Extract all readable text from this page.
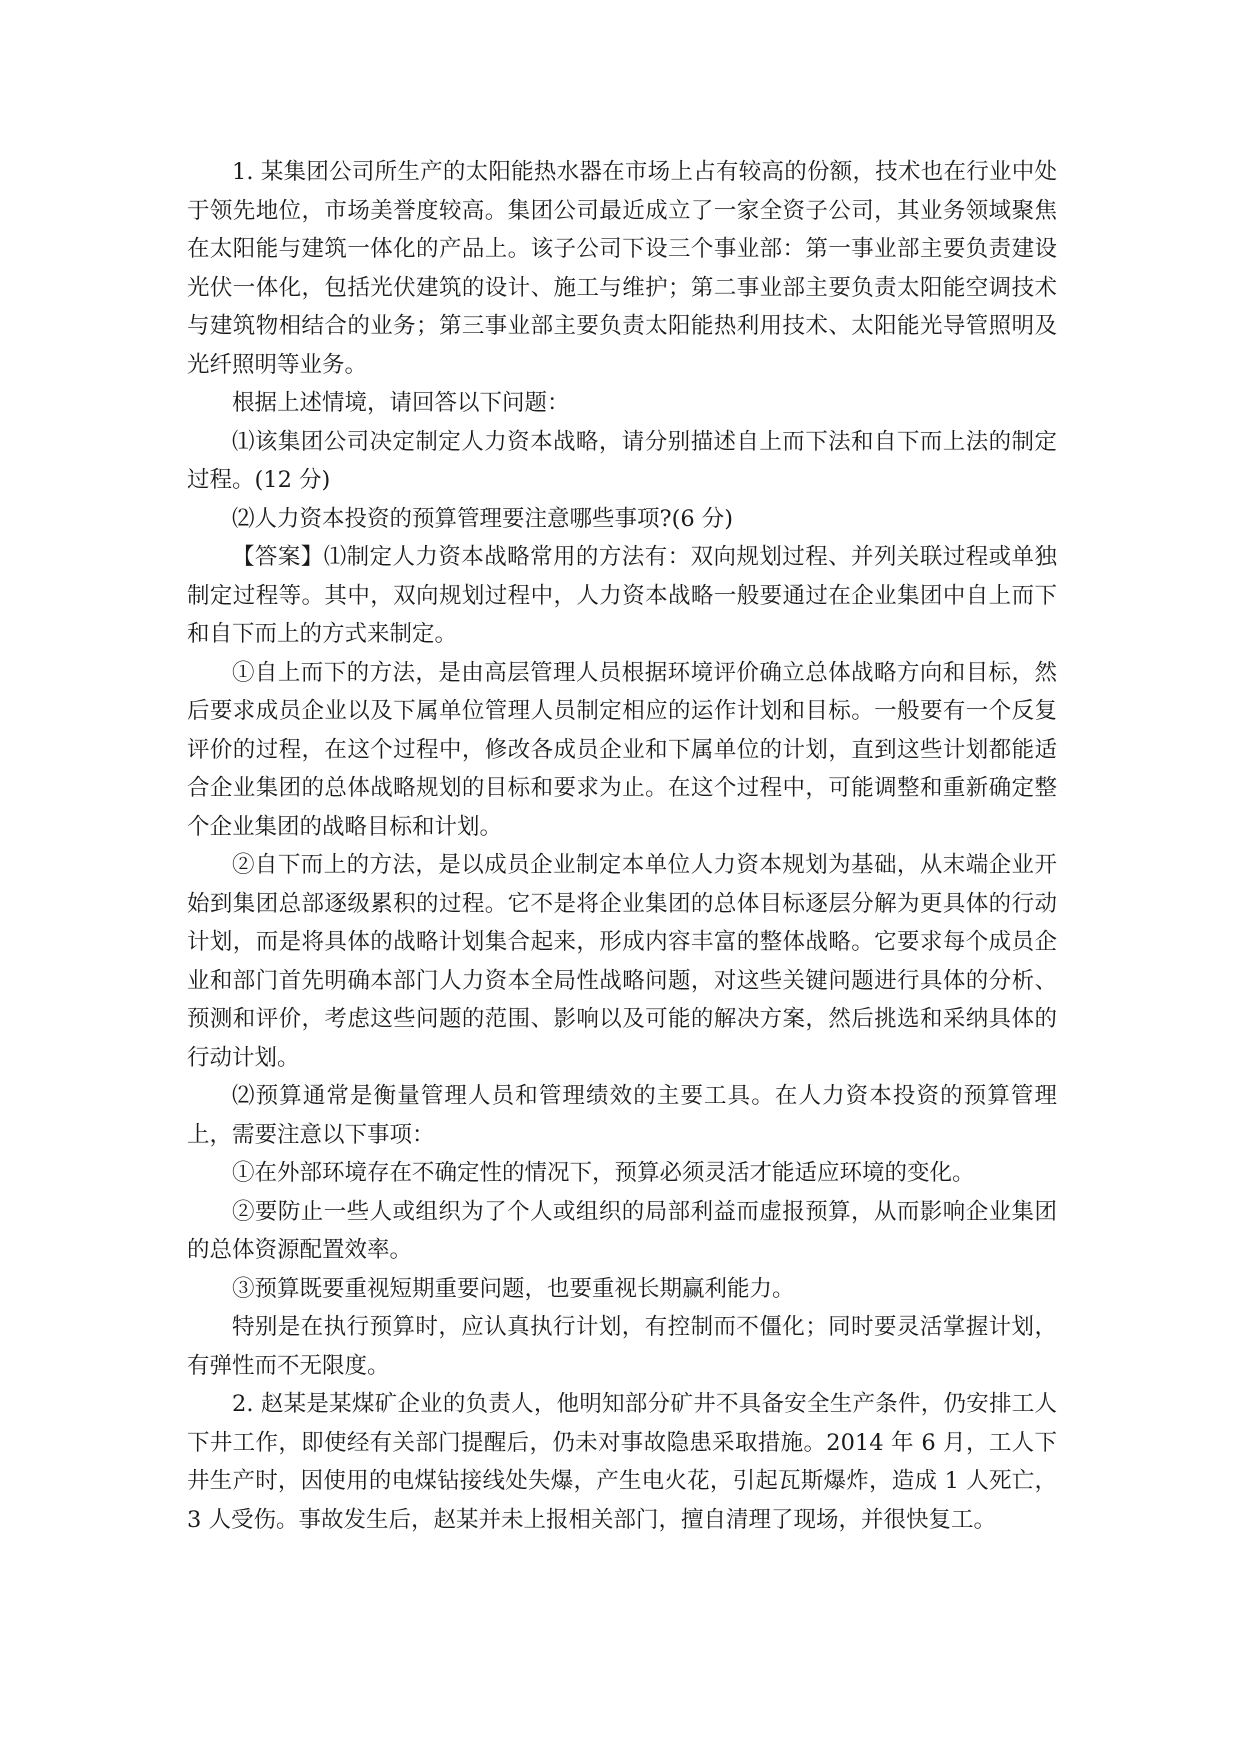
1. 某集团公司所生产的太阳能热水器在市场上占有较高的份额，技术也在行业中处于领先地位，市场美誉度较高。集团公司最近成立了一家全资子公司，其业务领域聚焦在太阳能与建筑一体化的产品上。该子公司下设三个事业部：第一事业部主要负责建设光伏一体化，包括光伏建筑的设计、施工与维护；第二事业部主要负责太阳能空调技术与建筑物相结合的业务；第三事业部主要负责太阳能热利用技术、太阳能光导管照明及光纤照明等业务。

根据上述情境，请回答以下问题：

⑴该集团公司决定制定人力资本战略，请分别描述自上而下法和自下而上法的制定过程。(12 分)

⑵人力资本投资的预算管理要注意哪些事项?(6 分)

【答案】⑴制定人力资本战略常用的方法有：双向规划过程、并列关联过程或单独制定过程等。其中，双向规划过程中，人力资本战略一般要通过在企业集团中自上而下和自下而上的方式来制定。

①自上而下的方法，是由高层管理人员根据环境评价确立总体战略方向和目标，然后要求成员企业以及下属单位管理人员制定相应的运作计划和目标。一般要有一个反复评价的过程，在这个过程中，修改各成员企业和下属单位的计划，直到这些计划都能适合企业集团的总体战略规划的目标和要求为止。在这个过程中，可能调整和重新确定整个企业集团的战略目标和计划。

②自下而上的方法，是以成员企业制定本单位人力资本规划为基础，从末端企业开始到集团总部逐级累积的过程。它不是将企业集团的总体目标逐层分解为更具体的行动计划，而是将具体的战略计划集合起来，形成内容丰富的整体战略。它要求每个成员企业和部门首先明确本部门人力资本全局性战略问题，对这些关键问题进行具体的分析、预测和评价，考虑这些问题的范围、影响以及可能的解决方案，然后挑选和采纳具体的行动计划。

⑵预算通常是衡量管理人员和管理绩效的主要工具。在人力资本投资的预算管理上，需要注意以下事项：

①在外部环境存在不确定性的情况下，预算必须灵活才能适应环境的变化。

②要防止一些人或组织为了个人或组织的局部利益而虚报预算，从而影响企业集团的总体资源配置效率。

③预算既要重视短期重要问题，也要重视长期赢利能力。

特别是在执行预算时，应认真执行计划，有控制而不僵化；同时要灵活掌握计划，有弹性而不无限度。

2. 赵某是某煤矿企业的负责人，他明知部分矿井不具备安全生产条件，仍安排工人下井工作，即使经有关部门提醒后，仍未对事故隐患采取措施。2014 年 6 月，工人下井生产时，因使用的电煤钻接线处失爆，产生电火花，引起瓦斯爆炸，造成 1 人死亡，3 人受伤。事故发生后，赵某并未上报相关部门，擅自清理了现场，并很快复工。
